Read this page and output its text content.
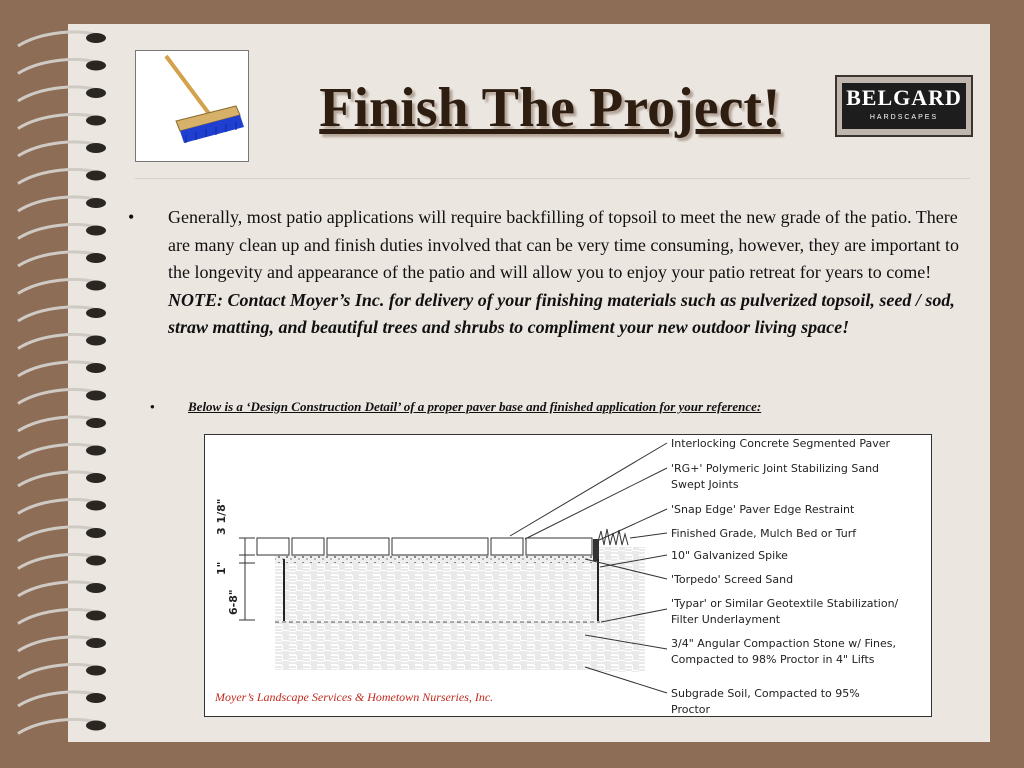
Finish The Project!	BELGARD
HARDSCAPES
•	Generally, most patio applications will require backfilling of topsoil to meet the new grade of the patio. There are many clean up and finish duties involved that can be very time consuming, however, they are important to the longevity and appearance of the patio and will allow you to enjoy your patio retreat for years to come! NOTE: Contact Moyer’s Inc. for delivery of your finishing materials such as pulverized topsoil, seed / sod, straw matting, and beautiful trees and shrubs to compliment your new outdoor living space!
•	Below is a ‘Design Construction Detail’ of a proper paver base and finished application for your reference:
3 1/8"
1"
6-8"
Interlocking Concrete Segmented Paver
'RG+' Polymeric Joint Stabilizing Sand
Swept Joints
'Snap Edge' Paver Edge Restraint
Finished Grade, Mulch Bed or Turf
10" Galvanized Spike
'Torpedo' Screed Sand
'Typar' or Similar Geotextile Stabilization/
Filter Underlayment
3/4" Angular Compaction Stone w/ Fines,
Compacted to 98% Proctor in 4" Lifts
Subgrade Soil, Compacted to 95%
Proctor
Moyer’s Landscape Services & Hometown Nurseries, Inc.
